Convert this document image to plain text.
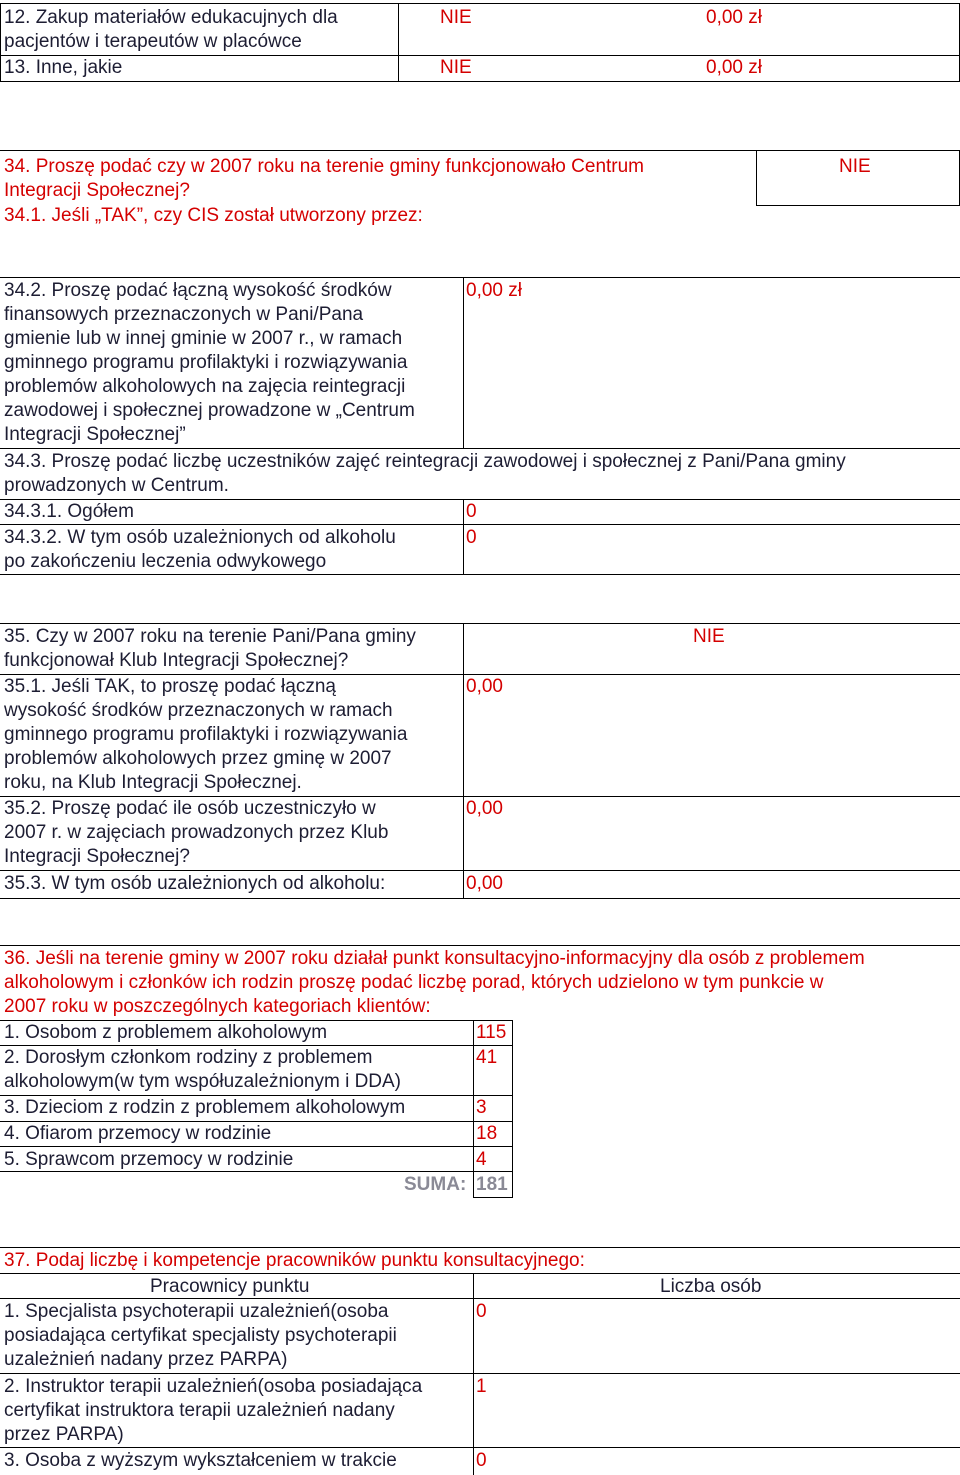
12. Zakup materiałów edukacujnych dla
pacjentów i terapeutów w placówce
NIE	0,00 zł
13. Inne, jakie	NIE	0,00 zł
34. Proszę podać czy w 2007 roku na terenie gminy funkcjonowało Centrum
Integracji Społecznej?
NIE
34.1. Jeśli „TAK”, czy CIS został utworzony przez:
34.2. Proszę podać łączną wysokość środków
finansowych przeznaczonych w Pani/Pana
gmienie lub w innej gminie w 2007 r., w ramach
gminnego programu profilaktyki i rozwiązywania
problemów alkoholowych na zajęcia reintegracji
zawodowej i społecznej prowadzone w „Centrum
Integracji Społecznej”
0,00 zł
34.3. Proszę podać liczbę uczestników zajęć reintegracji zawodowej i społecznej z Pani/Pana gminy
prowadzonych w Centrum.
34.3.1. Ogółem	0
34.3.2. W tym osób uzależnionych od alkoholu
po zakończeniu leczenia odwykowego
0
35. Czy w 2007 roku na terenie Pani/Pana gminy
funkcjonował Klub Integracji Społecznej?
NIE
35.1. Jeśli TAK, to proszę podać łączną
wysokość środków przeznaczonych w ramach
gminnego programu profilaktyki i rozwiązywania
problemów alkoholowych przez gminę w 2007
roku, na Klub Integracji Społecznej.
0,00
35.2. Proszę podać ile osób uczestniczyło w
2007 r. w zajęciach prowadzonych przez Klub
Integracji Społecznej?
0,00
35.3. W tym osób uzależnionych od alkoholu:	0,00
36. Jeśli na terenie gminy w 2007 roku działał punkt konsultacyjno-informacyjny dla osób z problemem
alkoholowym i członków ich rodzin proszę podać liczbę porad, których udzielono w tym punkcie w
2007 roku w poszczególnych kategoriach klientów:
1. Osobom z problemem alkoholowym	115
2. Dorosłym członkom rodziny z problemem
alkoholowym(w tym współuzależnionym i DDA)
41
3. Dzieciom z rodzin z problemem alkoholowym	3
4. Ofiarom przemocy w rodzinie	18
5. Sprawcom przemocy w rodzinie	4
SUMA: 181
37. Podaj liczbę i kompetencje pracowników punktu konsultacyjnego:
Pracownicy punktu	Liczba osób
1. Specjalista psychoterapii uzależnień(osoba
posiadająca certyfikat specjalisty psychoterapii
uzależnień nadany przez PARPA)
0
2. Instruktor terapii uzależnień(osoba posiadająca
certyfikat instruktora terapii uzależnień nadany
przez PARPA)
1
3. Osoba z wyższym wykształceniem w trakcie	0
